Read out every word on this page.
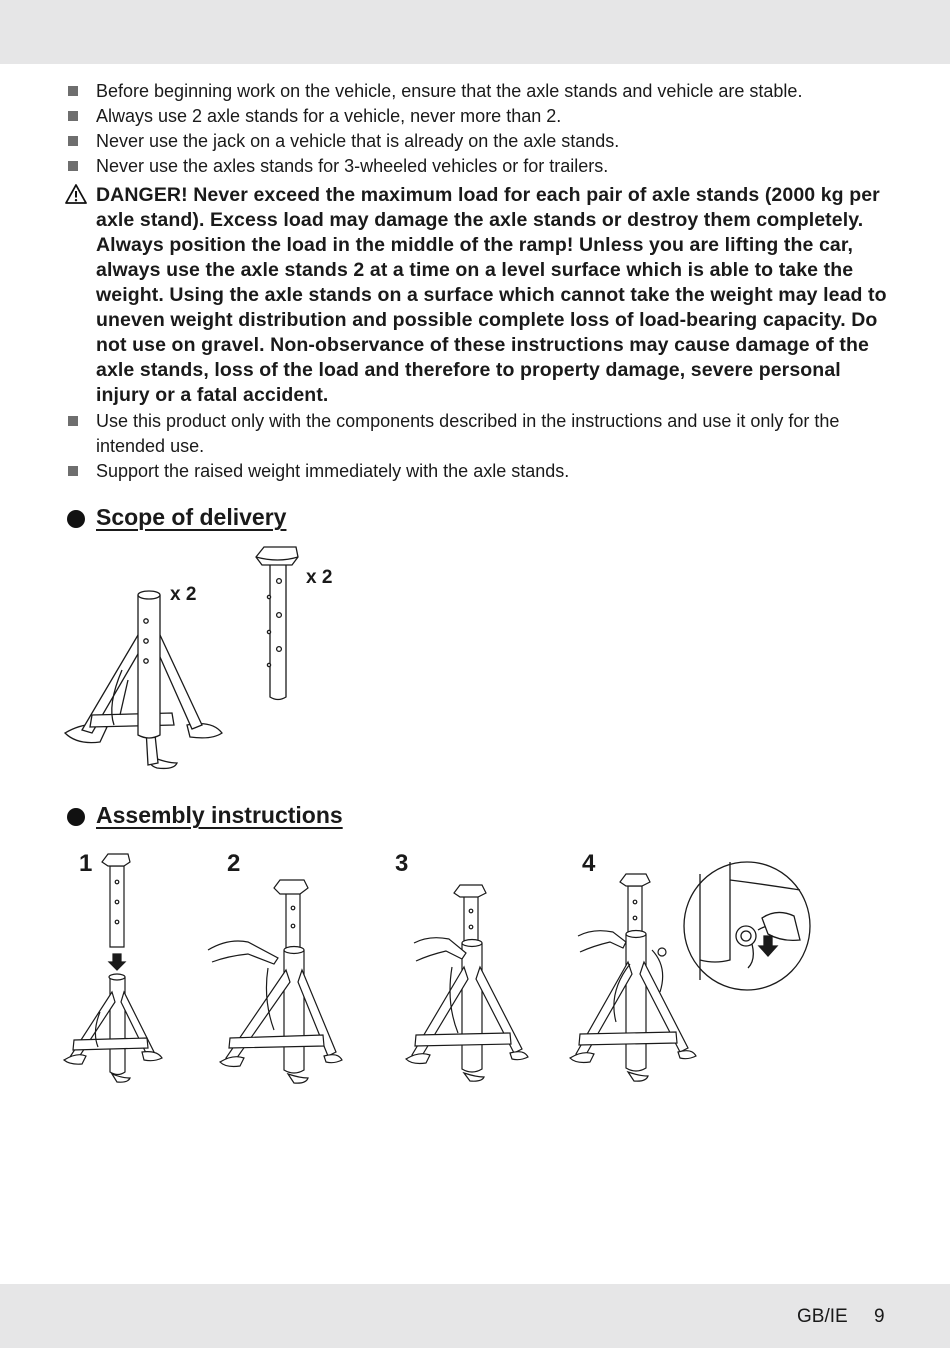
Before beginning work on the vehicle, ensure that the axle stands and vehicle are stable.
Always use 2 axle stands for a vehicle, never more than 2.
Never use the jack on a vehicle that is already on the axle stands.
Never use the axles stands for 3-wheeled vehicles or for trailers.
DANGER! Never exceed the maximum load for each pair of axle stands (2000 kg per axle stand). Excess load may damage the axle stands or destroy them completely. Always position the load in the middle of the ramp! Unless you are lifting the car, always use the axle stands 2 at a time on a level surface which is able to take the weight. Using the axle stands on a surface which cannot take the weight may lead to uneven weight distribution and possible complete loss of load-bearing capacity. Do not use on gravel. Non-observance of these instructions may cause damage of the axle stands, loss of the load and therefore to property damage, severe personal injury or a fatal accident.
Use this product only with the components described in the instructions and use it only for the intended use.
Support the raised weight immediately with the axle stands.
Scope of delivery
x 2
x 2
Assembly instructions
1	2	3	4
GB/IE 9
